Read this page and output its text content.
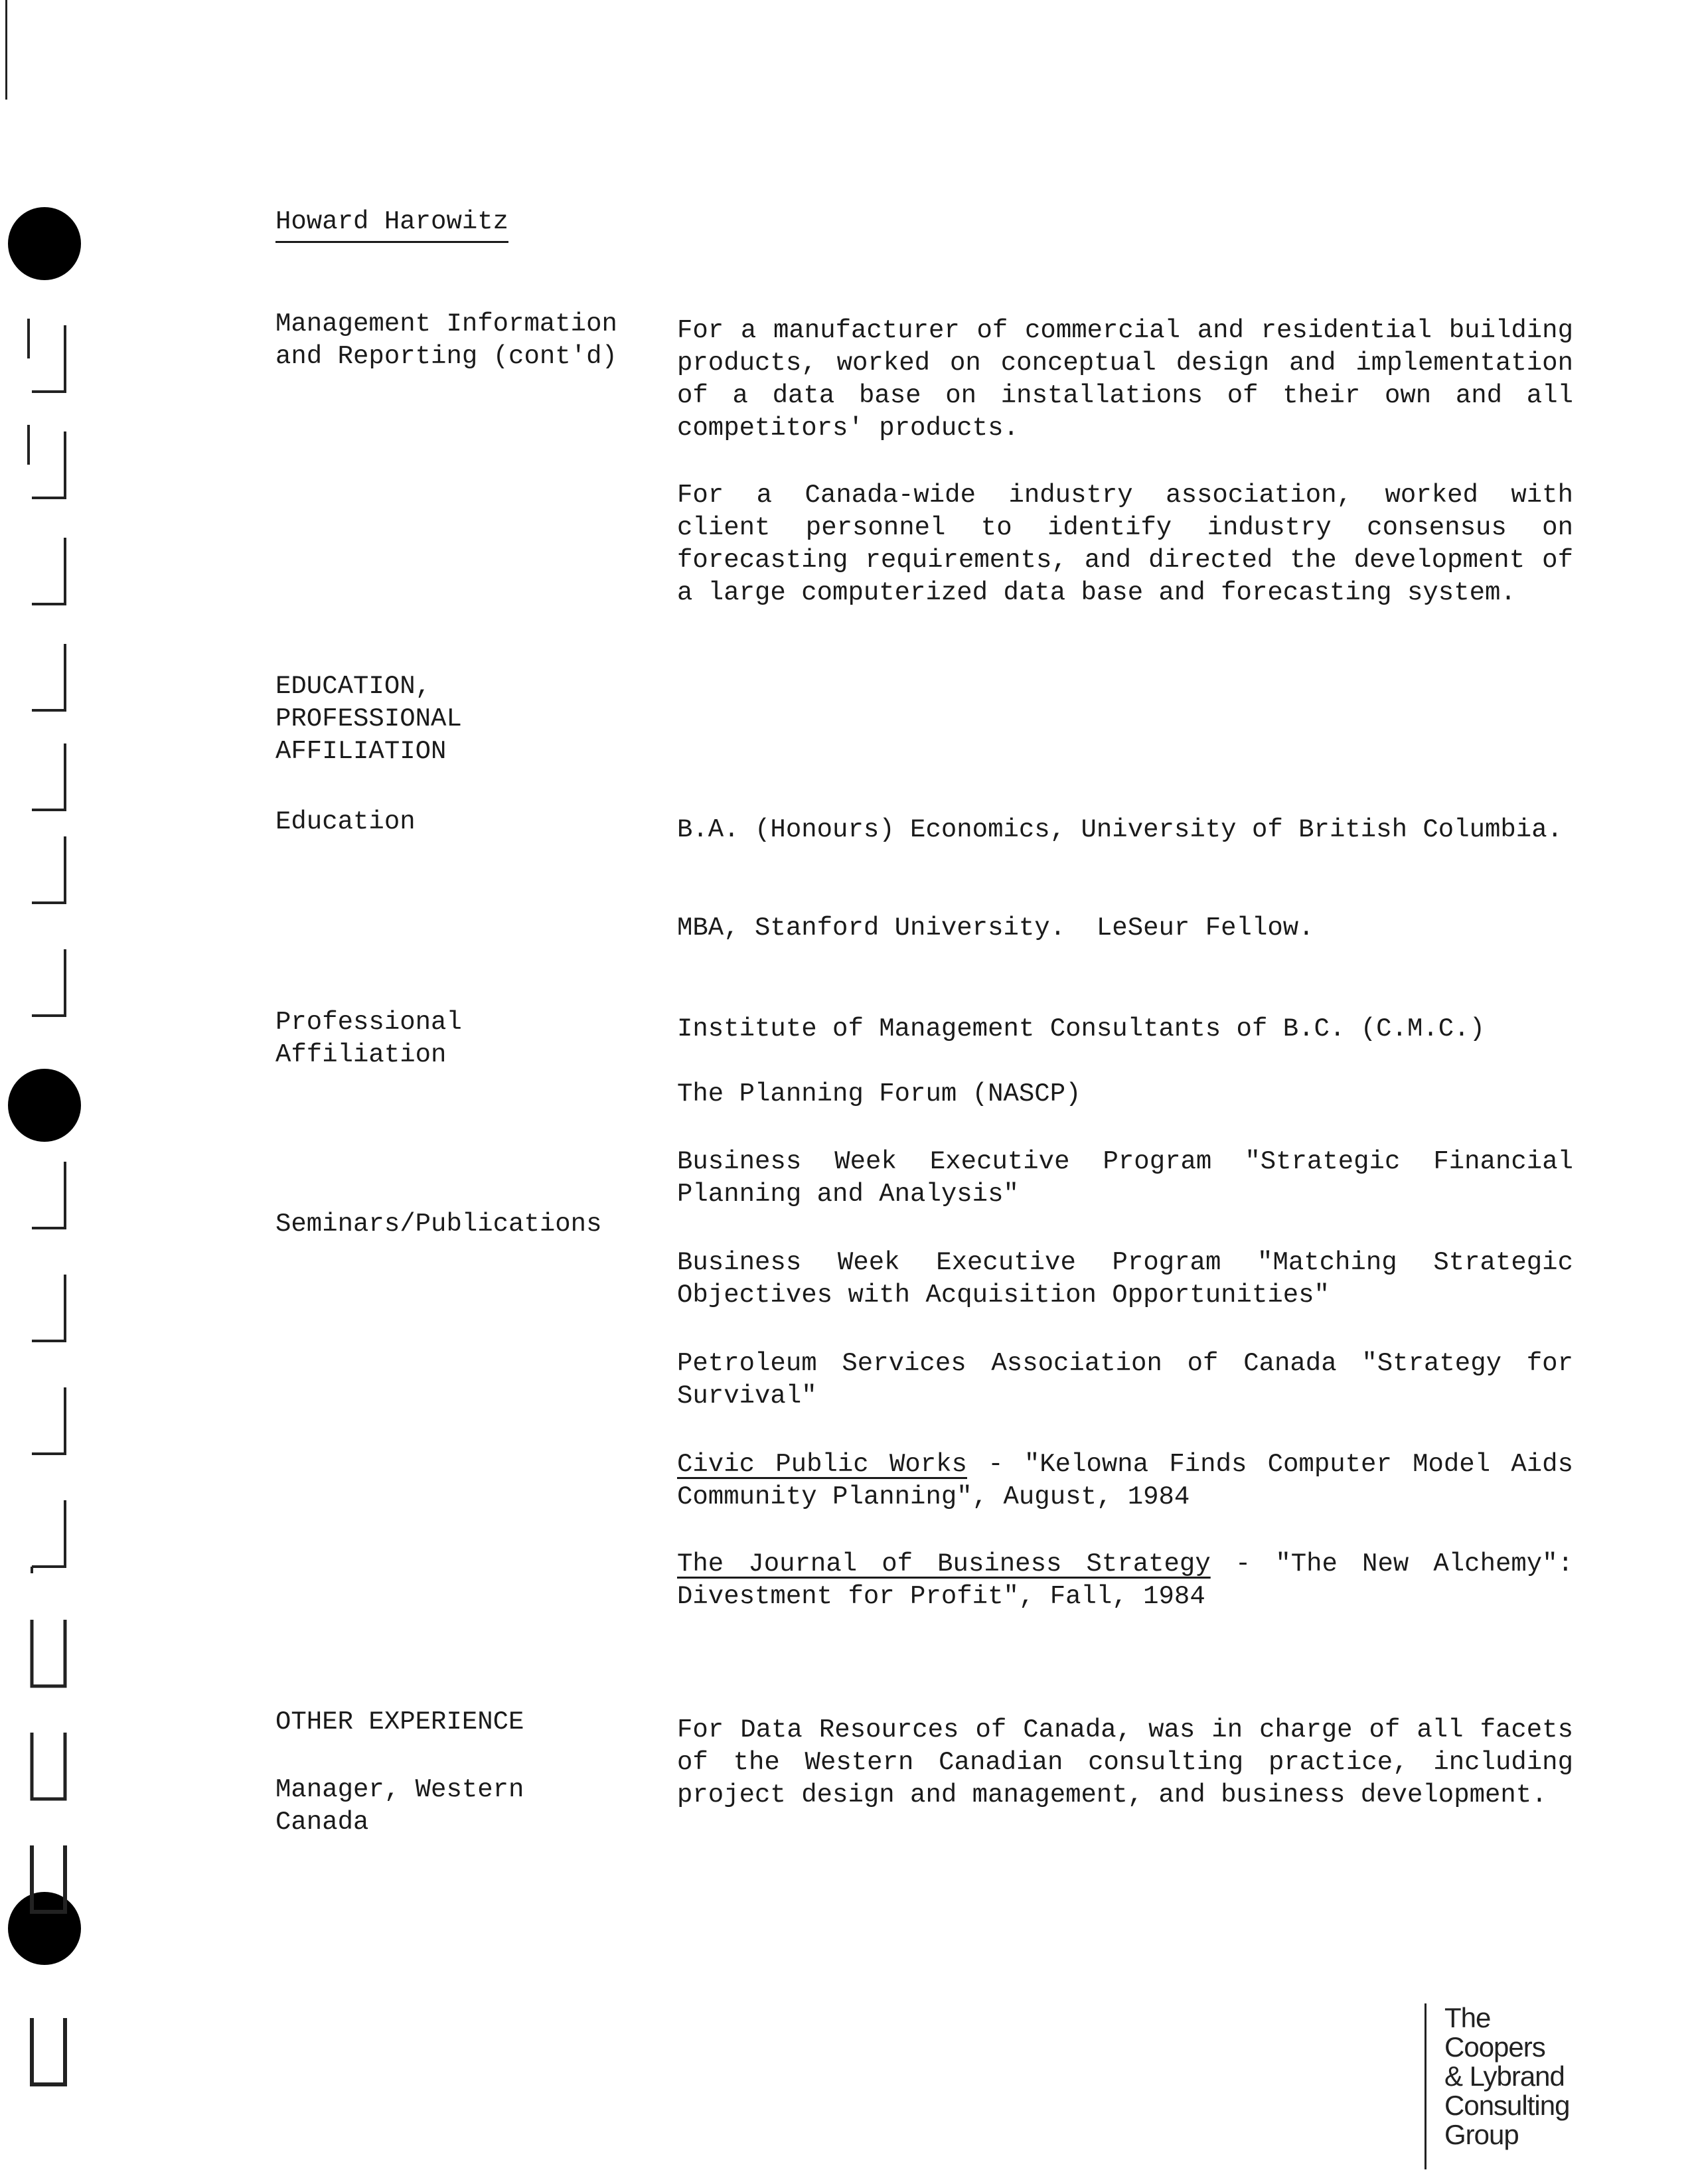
Howard Harowitz

Management Information
and Reporting (cont'd)

For a manufacturer of commercial and residential building products, worked on conceptual design and implementation of a data base on installations of their own and all competitors' products.

For a Canada-wide industry association, worked with client personnel to identify industry consensus on forecasting requirements, and directed the development of a large computerized data base and forecasting system.

EDUCATION,
PROFESSIONAL
AFFILIATION

Education	B.A. (Honours) Economics, University of British Columbia.

MBA, Stanford University.  LeSeur Fellow.

Professional
Affiliation

Institute of Management Consultants of B.C. (C.M.C.)

The Planning Forum (NASCP)

Seminars/Publications

Business Week Executive Program "Strategic Financial Planning and Analysis"

Business Week Executive Program "Matching Strategic Objectives with Acquisition Opportunities"

Petroleum Services Association of Canada "Strategy for Survival"

Civic Public Works - "Kelowna Finds Computer Model Aids Community Planning", August, 1984

The Journal of Business Strategy - "The New Alchemy": Divestment for Profit", Fall, 1984

OTHER EXPERIENCE

Manager, Western
Canada

For Data Resources of Canada, was in charge of all facets of the Western Canadian consulting practice, including project design and management, and business development.

The
Coopers
& Lybrand
Consulting Group
